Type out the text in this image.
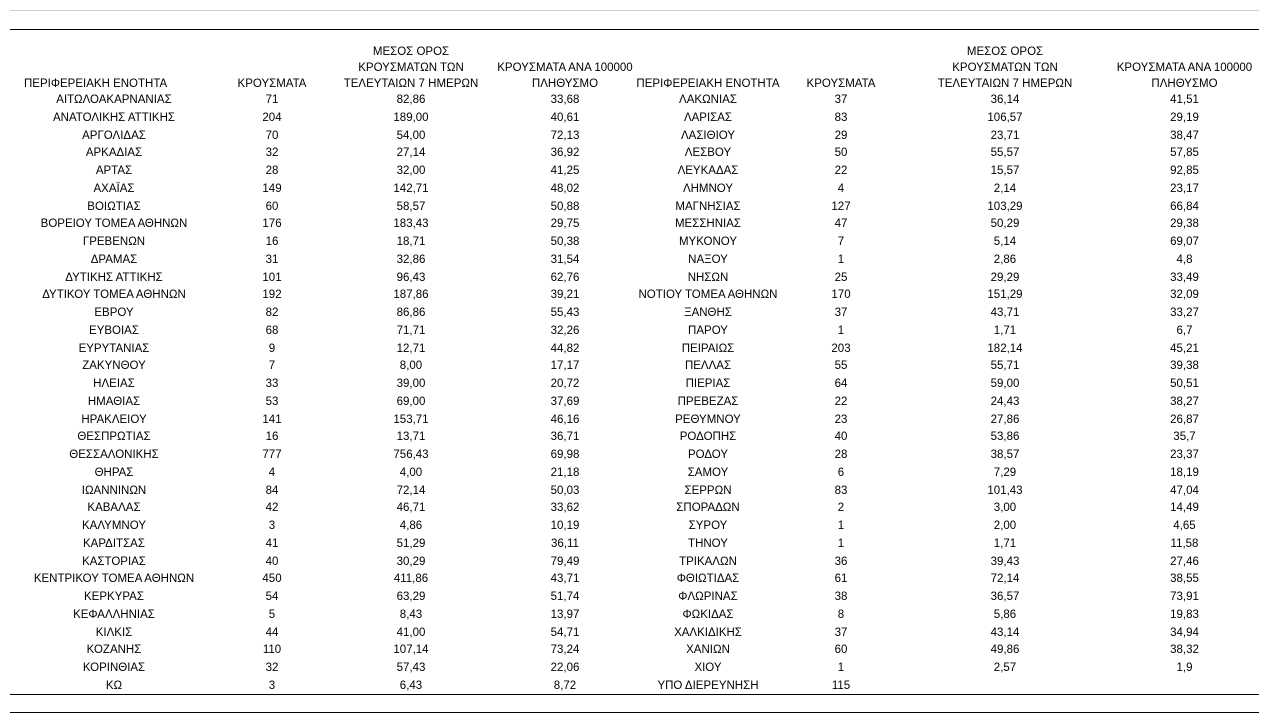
ΠΕΡΙΦΕΡΕΙΑΚΗ ΕΝΟΤΗΤΑ	ΚΡΟΥΣΜΑΤΑ	ΜΕΣΟΣ ΟΡΟΣ
ΚΡΟΥΣΜΑΤΩΝ ΤΩΝ
ΤΕΛΕΥΤΑΙΩΝ 7 ΗΜΕΡΩΝ	ΚΡΟΥΣΜΑΤΑ ΑΝΑ 100000
ΠΛΗΘΥΣΜΟ	ΠΕΡΙΦΕΡΕΙΑΚΗ ΕΝΟΤΗΤΑ	ΚΡΟΥΣΜΑΤΑ	ΜΕΣΟΣ ΟΡΟΣ
ΚΡΟΥΣΜΑΤΩΝ ΤΩΝ
ΤΕΛΕΥΤΑΙΩΝ 7 ΗΜΕΡΩΝ	ΚΡΟΥΣΜΑΤΑ ΑΝΑ 100000
ΠΛΗΘΥΣΜΟ

ΑΙΤΩΛΟΑΚΑΡΝΑΝΙΑΣ	71	82,86	33,68	ΛΑΚΩΝΙΑΣ	37	36,14	41,51
ΑΝΑΤΟΛΙΚΗΣ ΑΤΤΙΚΗΣ	204	189,00	40,61	ΛΑΡΙΣΑΣ	83	106,57	29,19
ΑΡΓΟΛΙΔΑΣ	70	54,00	72,13	ΛΑΣΙΘΙΟΥ	29	23,71	38,47
ΑΡΚΑΔΙΑΣ	32	27,14	36,92	ΛΕΣΒΟΥ	50	55,57	57,85
ΑΡΤΑΣ	28	32,00	41,25	ΛΕΥΚΑΔΑΣ	22	15,57	92,85
ΑΧΑΪΑΣ	149	142,71	48,02	ΛΗΜΝΟΥ	4	2,14	23,17
ΒΟΙΩΤΙΑΣ	60	58,57	50,88	ΜΑΓΝΗΣΙΑΣ	127	103,29	66,84
ΒΟΡΕΙΟΥ ΤΟΜΕΑ ΑΘΗΝΩΝ	176	183,43	29,75	ΜΕΣΣΗΝΙΑΣ	47	50,29	29,38
ΓΡΕΒΕΝΩΝ	16	18,71	50,38	ΜΥΚΟΝΟΥ	7	5,14	69,07
ΔΡΑΜΑΣ	31	32,86	31,54	ΝΑΞΟΥ	1	2,86	4,8
ΔΥΤΙΚΗΣ ΑΤΤΙΚΗΣ	101	96,43	62,76	ΝΗΣΩΝ	25	29,29	33,49
ΔΥΤΙΚΟΥ ΤΟΜΕΑ ΑΘΗΝΩΝ	192	187,86	39,21	ΝΟΤΙΟΥ ΤΟΜΕΑ ΑΘΗΝΩΝ	170	151,29	32,09
ΕΒΡΟΥ	82	86,86	55,43	ΞΑΝΘΗΣ	37	43,71	33,27
ΕΥΒΟΙΑΣ	68	71,71	32,26	ΠΑΡΟΥ	1	1,71	6,7
ΕΥΡΥΤΑΝΙΑΣ	9	12,71	44,82	ΠΕΙΡΑΙΩΣ	203	182,14	45,21
ΖΑΚΥΝΘΟΥ	7	8,00	17,17	ΠΕΛΛΑΣ	55	55,71	39,38
ΗΛΕΙΑΣ	33	39,00	20,72	ΠΙΕΡΙΑΣ	64	59,00	50,51
ΗΜΑΘΙΑΣ	53	69,00	37,69	ΠΡΕΒΕΖΑΣ	22	24,43	38,27
ΗΡΑΚΛΕΙΟΥ	141	153,71	46,16	ΡΕΘΥΜΝΟΥ	23	27,86	26,87
ΘΕΣΠΡΩΤΙΑΣ	16	13,71	36,71	ΡΟΔΟΠΗΣ	40	53,86	35,7
ΘΕΣΣΑΛΟΝΙΚΗΣ	777	756,43	69,98	ΡΟΔΟΥ	28	38,57	23,37
ΘΗΡΑΣ	4	4,00	21,18	ΣΑΜΟΥ	6	7,29	18,19
ΙΩΑΝΝΙΝΩΝ	84	72,14	50,03	ΣΕΡΡΩΝ	83	101,43	47,04
ΚΑΒΑΛΑΣ	42	46,71	33,62	ΣΠΟΡΑΔΩΝ	2	3,00	14,49
ΚΑΛΥΜΝΟΥ	3	4,86	10,19	ΣΥΡΟΥ	1	2,00	4,65
ΚΑΡΔΙΤΣΑΣ	41	51,29	36,11	ΤΗΝΟΥ	1	1,71	11,58
ΚΑΣΤΟΡΙΑΣ	40	30,29	79,49	ΤΡΙΚΑΛΩΝ	36	39,43	27,46
ΚΕΝΤΡΙΚΟΥ ΤΟΜΕΑ ΑΘΗΝΩΝ	450	411,86	43,71	ΦΘΙΩΤΙΔΑΣ	61	72,14	38,55
ΚΕΡΚΥΡΑΣ	54	63,29	51,74	ΦΛΩΡΙΝΑΣ	38	36,57	73,91
ΚΕΦΑΛΛΗΝΙΑΣ	5	8,43	13,97	ΦΩΚΙΔΑΣ	8	5,86	19,83
ΚΙΛΚΙΣ	44	41,00	54,71	ΧΑΛΚΙΔΙΚΗΣ	37	43,14	34,94
ΚΟΖΑΝΗΣ	110	107,14	73,24	ΧΑΝΙΩΝ	60	49,86	38,32
ΚΟΡΙΝΘΙΑΣ	32	57,43	22,06	ΧΙΟΥ	1	2,57	1,9
ΚΩ	3	6,43	8,72	ΥΠΟ ΔΙΕΡΕΥΝΗΣΗ	115		
